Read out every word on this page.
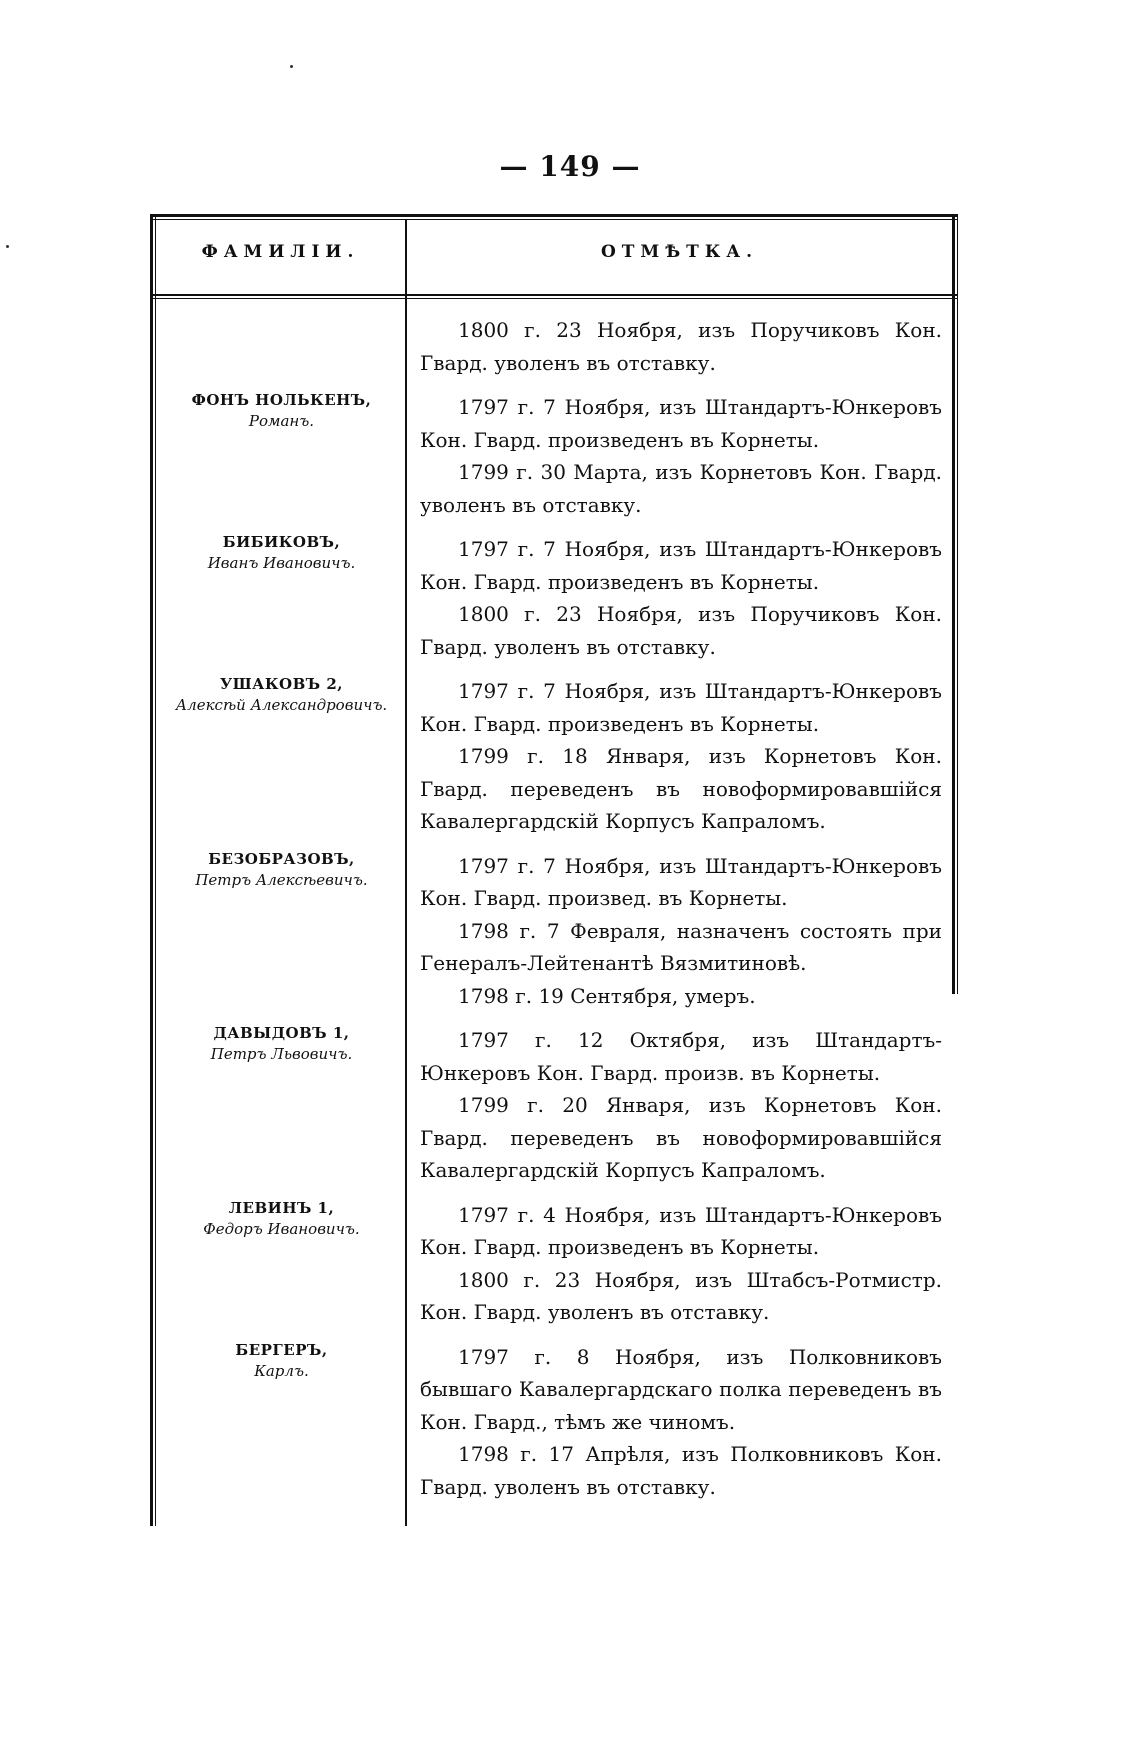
— 149 —
ФАМИЛІИ.	ОТМѢТКА.
1800 г. 23 Ноября, изъ Поручиковъ Кон. Гвард. уволенъ въ отставку.
ФОНЪ НОЛЬКЕНЪ,
Романъ.
1797 г. 7 Ноября, изъ Штандартъ-Юнкеровъ Кон. Гвард. произведенъ въ Корнеты.
1799 г. 30 Марта, изъ Корнетовъ Кон. Гвард. уволенъ въ отставку.
БИБИКОВЪ,
Иванъ Ивановичъ.
1797 г. 7 Ноября, изъ Штандартъ-Юнкеровъ Кон. Гвард. произведенъ въ Корнеты.
1800 г. 23 Ноября, изъ Поручиковъ Кон. Гвард. уволенъ въ отставку.
УШАКОВЪ 2,
Алексѣй Александровичъ.
1797 г. 7 Ноября, изъ Штандартъ-Юнкеровъ Кон. Гвард. произведенъ въ Корнеты.
1799 г. 18 Января, изъ Корнетовъ Кон. Гвард. переведенъ въ новоформировавшійся Кавалергардскій Корпусъ Капраломъ.
БЕЗОБРАЗОВЪ,
Петръ Алексѣевичъ.
1797 г. 7 Ноября, изъ Штандартъ-Юнкеровъ Кон. Гвард. произвед. въ Корнеты.
1798 г. 7 Февраля, назначенъ состоять при Генералъ-Лейтенантѣ Вязмитиновѣ.
1798 г. 19 Сентября, умеръ.
ДАВЫДОВЪ 1,
Петръ Львовичъ.
1797 г. 12 Октября, изъ Штандартъ-Юнкеровъ Кон. Гвард. произв. въ Корнеты.
1799 г. 20 Января, изъ Корнетовъ Кон. Гвард. переведенъ въ новоформировавшійся Кавалергардскій Корпусъ Капраломъ.
ЛЕВИНЪ 1,
Федоръ Ивановичъ.
1797 г. 4 Ноября, изъ Штандартъ-Юнкеровъ Кон. Гвард. произведенъ въ Корнеты.
1800 г. 23 Ноября, изъ Штабсъ-Ротмистр. Кон. Гвард. уволенъ въ отставку.
БЕРГЕРЪ,
Карлъ.
1797 г. 8 Ноября, изъ Полковниковъ бывшаго Кавалергардскаго полка переведенъ въ Кон. Гвард., тѣмъ же чиномъ.
1798 г. 17 Апрѣля, изъ Полковниковъ Кон. Гвард. уволенъ въ отставку.
